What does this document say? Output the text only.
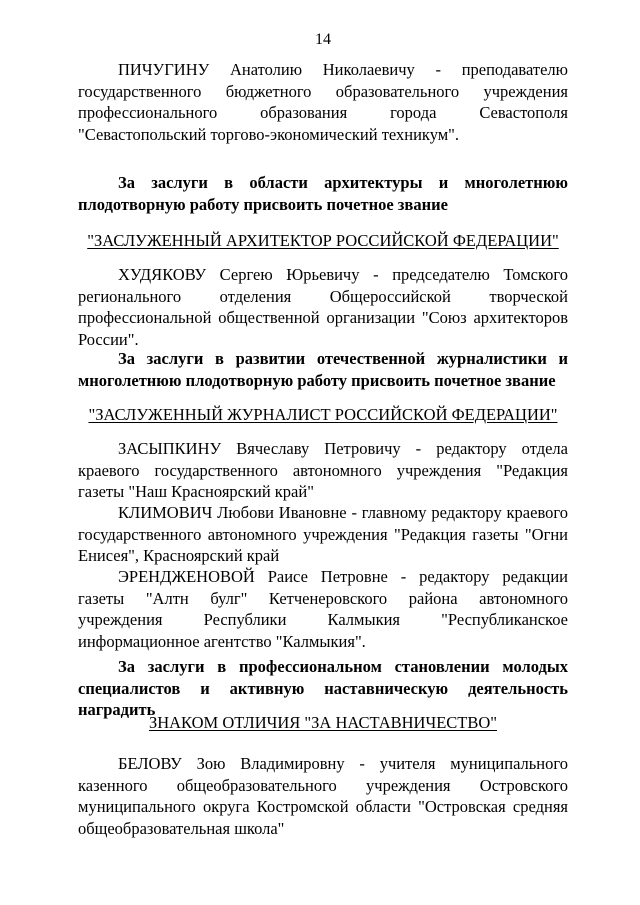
14

ПИЧУГИНУ Анатолию Николаевичу - преподавателю государственного бюджетного образовательного учреждения профессионального образования города Севастополя "Севастопольский торгово-экономический техникум".

За заслуги в области архитектуры и многолетнюю плодотворную работу присвоить почетное звание

"ЗАСЛУЖЕННЫЙ АРХИТЕКТОР РОССИЙСКОЙ ФЕДЕРАЦИИ"

ХУДЯКОВУ Сергею Юрьевичу - председателю Томского регионального отделения Общероссийской творческой профессиональной общественной организации "Союз архитекторов России".

За заслуги в развитии отечественной журналистики и многолетнюю плодотворную работу присвоить почетное звание

"ЗАСЛУЖЕННЫЙ ЖУРНАЛИСТ РОССИЙСКОЙ ФЕДЕРАЦИИ"

ЗАСЫПКИНУ Вячеславу Петровичу - редактору отдела краевого государственного автономного учреждения "Редакция газеты "Наш Красноярский край"

КЛИМОВИЧ Любови Ивановне - главному редактору краевого государственного автономного учреждения "Редакция газеты "Огни Енисея", Красноярский край

ЭРЕНДЖЕНОВОЙ Раисе Петровне - редактору редакции газеты "Алтн булг" Кетченеровского района автономного учреждения Республики Калмыкия "Республиканское информационное агентство "Калмыкия".

За заслуги в профессиональном становлении молодых специалистов и активную наставническую деятельность наградить

ЗНАКОМ ОТЛИЧИЯ "ЗА НАСТАВНИЧЕСТВО"

БЕЛОВУ Зою Владимировну - учителя муниципального казенного общеобразовательного учреждения Островского муниципального округа Костромской области "Островская средняя общеобразовательная школа"
